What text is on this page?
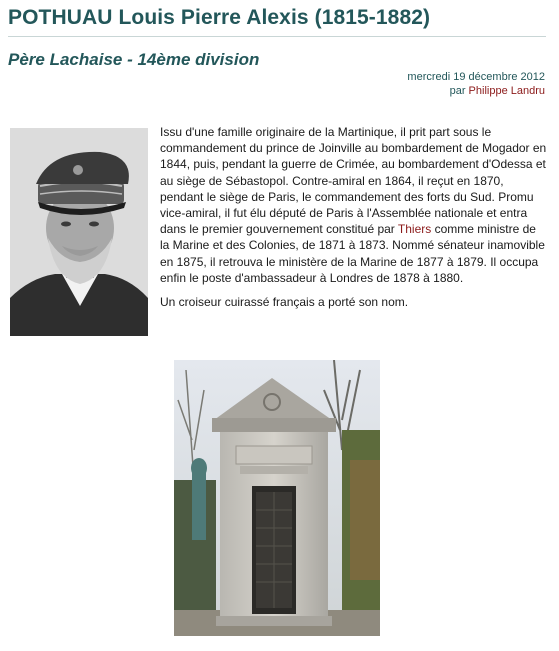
POTHUAU Louis Pierre Alexis (1815-1882)
Père Lachaise - 14ème division
mercredi 19 décembre 2012
par Philippe Landru

Issu d'une famille originaire de la Martinique, il prit part sous le commandement du prince de Joinville au bombardement de Mogador en 1844, puis, pendant la guerre de Crimée, au bombardement d'Odessa et au siège de Sébastopol. Contre-amiral en 1864, il reçut en 1870, pendant le siège de Paris, le commandement des forts du Sud. Promu vice-amiral, il fut élu député de Paris à l'Assemblée nationale et entra dans le premier gouvernement constitué par Thiers comme ministre de la Marine et des Colonies, de 1871 à 1873. Nommé sénateur inamovible en 1875, il retrouva le ministère de la Marine de 1877 à 1879. Il occupa enfin le poste d'ambassadeur à Londres de 1878 à 1880.

Un croiseur cuirassé français a porté son nom.
